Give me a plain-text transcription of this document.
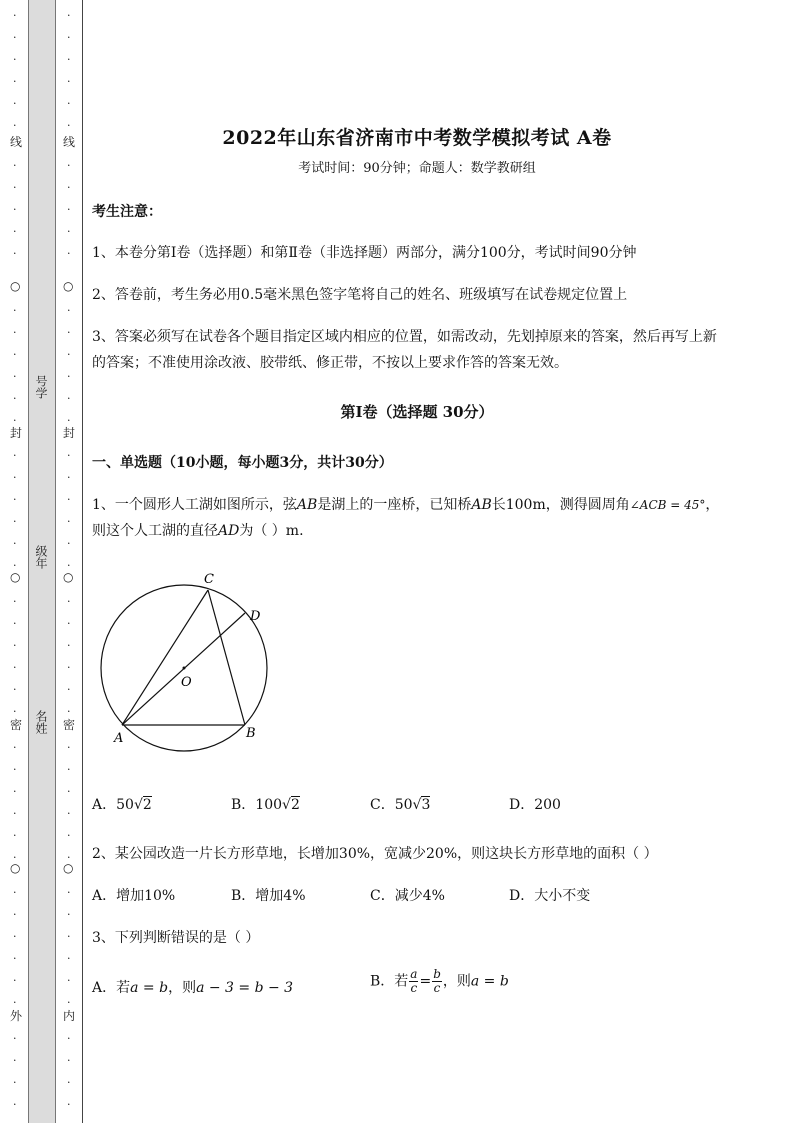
·

·

·

·

·

·
线
·

·

·

·

·
○
·

·

·

·

·

·
封
·

·

·

·

·

·
○
·

·

·

·

·

·
密
·

·

·

·

·

·
○
·

·

·

·

·

·
外
·

·

·

·
号学
级年
名姓
·

·

·

·

·

·
线
·

·

·

·

·
○
·

·

·

·

·

·
封
·

·

·

·

·

·
○
·

·

·

·

·

·
密
·

·

·

·

·

·
○
·

·

·

·

·

·
内
·

·

·

·
2022年山东省济南市中考数学模拟考试 A卷
考试时间：90分钟；命题人：数学教研组
考生注意：
1、本卷分第I卷（选择题）和第Ⅱ卷（非选择题）两部分，满分100分，考试时间90分钟
2、答卷前，考生务必用0.5毫米黑色签字笔将自己的姓名、班级填写在试卷规定位置上
3、答案必须写在试卷各个题目指定区域内相应的位置，如需改动，先划掉原来的答案，然后再写上新
的答案；不准使用涂改液、胶带纸、修正带，不按以上要求作答的答案无效。
第I卷（选择题 30分）
一、单选题（10小题，每小题3分，共计30分）
1、一个圆形人工湖如图所示，弦AB是湖上的一座桥，已知桥AB长100m，测得圆周角∠ACB = 45°，
则这个人工湖的直径AD为（ ）m.
C
D
O
A	B
A．50√2	B．100√2	C．50√3	D．200
2、某公园改造一片长方形草地，长增加30%，宽减少20%，则这块长方形草地的面积（ ）
A．增加10%	B．增加4%	C．减少4%	D．大小不变
3、下列判断错误的是（ ）
A．若a = b，则a − 3 = b − 3	B．若 $\frac{a}{c} = \frac{b}{c}$ ，则a = b
